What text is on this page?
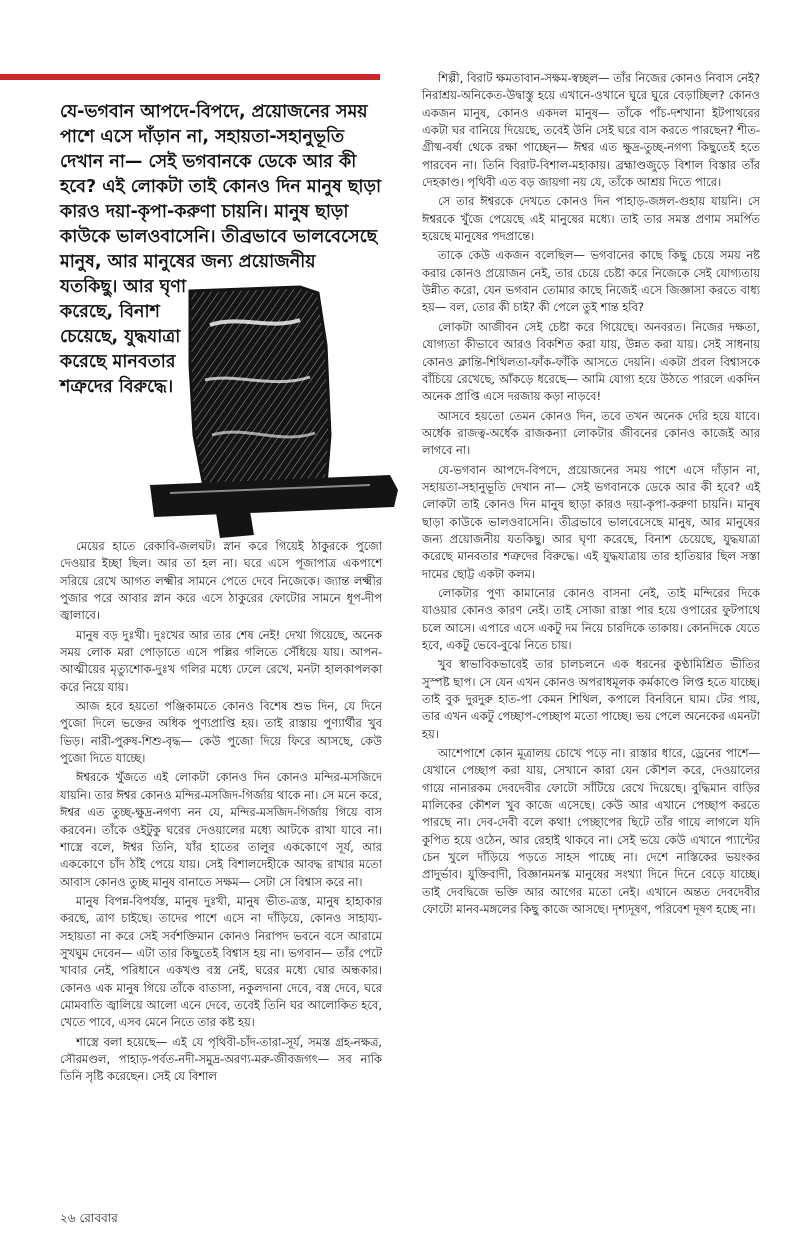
যে-ভগবান আপদে-বিপদে, প্রয়োজনের সময় পাশে এসে দাঁড়ান না, সহায়তা-সহানুভূতি দেখান না— সেই ভগবানকে ডেকে আর কী হবে? এই লোকটা তাই কোনও দিন মানুষ ছাড়া কারও দয়া-কৃপা-করুণা চায়নি। মানুষ ছাড়া কাউকে ভালওবাসেনি। তীব্রভাবে ভালবেসেছে মানুষ, আর মানুষের জন্য প্রয়োজনীয়
যতকিছু। আর ঘৃণা করেছে, বিনাশ চেয়েছে, যুদ্ধযাত্রা করেছে মানবতার শত্রুদের বিরুদ্ধে।

মেয়ের হাতে রেকাবি-জলঘট। স্নান করে গিয়েই ঠাকুরকে পুজো দেওয়ার ইচ্ছা ছিল। আর তা হল না। ঘরে এসে পূজাপাত্র একপাশে সরিয়ে রেখে আগত লক্ষ্মীর সামনে পেতে দেবে নিজেকে। জ্যান্ত লক্ষ্মীর পুজার পরে আবার স্নান করে এসে ঠাকুরের ফোটোর সামনে ধূপ-দীপ জ্বালাবে।

মানুষ বড় দুঃখী। দুঃখের আর তার শেষ নেই! দেখা গিয়েছে, অনেক সময় লোক মরা পোড়াতে এসে পল্লির গলিতে সেঁধিয়ে যায়। আপন-আত্মীয়ের মৃত্যুশোক-দুঃখ গলির মধ্যে ঢেলে রেখে, মনটা হালকাপলকা করে নিয়ে যায়।

আজ হবে হয়তো পঞ্জিকামতে কোনও বিশেষ শুভ দিন, যে দিনে পুজো দিলে ভক্তের অধিক পুণ্যপ্রাপ্তি হয়। তাই রাস্তায় পুণ্যার্থীর খুব ভিড়। নারী-পুরুষ-শিশু-বৃদ্ধ— কেউ পুজো দিয়ে ফিরে আসছে, কেউ পুজো দিতে যাচ্ছে।

ঈশ্বরকে খুঁজতে এই লোকটা কোনও দিন কোনও মন্দির-মসজিদে যায়নি। তার ঈশ্বর কোনও মন্দির-মসজিদ-গির্জায় থাকে না। সে মনে করে, ঈশ্বর এত তুচ্ছ-ক্ষুদ্র-নগণ্য নন যে, মন্দির-মসজিদ-গির্জায় গিয়ে বাস করবেন। তাঁকে ওইটুকু ঘরের দেওয়ালের মধ্যে আটকে রাখা যাবে না। শাস্ত্রে বলে, ঈশ্বর তিনি, যাঁর হাতের তালুর এককোণে সূর্য, আর এককোণে চাঁদ ঠাঁই পেয়ে যায়। সেই বিশালদেহীকে আবদ্ধ রাখার মতো আবাস কোনও তুচ্ছ মানুষ বানাতে সক্ষম— সেটা সে বিশ্বাস করে না।

মানুষ বিপন্ন-বিপর্যস্ত, মানুষ দুঃখী, মানুষ ভীত-ত্রস্ত, মানুষ হাহাকার করছে, ত্রাণ চাইছে। তাদের পাশে এসে না দাঁড়িয়ে, কোনও সাহায্য-সহায়তা না করে সেই সর্বশক্তিমান কোনও নিরাপদ ভবনে বসে আরামে সুখঘুম দেবেন— এটা তার কিছুতেই বিশ্বাস হয় না। ভগবান— তাঁর পেটে খাবার নেই, পরিধানে একখণ্ড বস্ত্র নেই, ঘরের মধ্যে ঘোর অন্ধকার। কোনও এক মানুষ গিয়ে তাঁকে বাতাসা, নকুলদানা দেবে, বস্ত্র দেবে, ঘরে মোমবাতি জ্বালিয়ে আলো এনে দেবে, তবেই তিনি ঘর আলোকিত হবে, খেতে পাবে, এসব মেনে নিতে তার কষ্ট হয়।

শাস্ত্রে বলা হয়েছে— এই যে পৃথিবী-চাঁদ-তারা-সূর্য, সমস্ত গ্রহ-নক্ষত্র, সৌরমণ্ডল, পাহাড়-পর্বত-নদী-সমুদ্র-অরণ্য-মরু-জীবজগৎ— সব নাকি তিনি সৃষ্টি করেছেন। সেই যে বিশাল

শিল্পী, বিরাট ক্ষমতাবান-সক্ষম-স্বচ্ছল— তাঁর নিজের কোনও নিবাস নেই? নিরাশ্রয়-অনিকেত-উদ্বাস্তু হয়ে এখানে-ওখানে ঘুরে ঘুরে বেড়াচ্ছিল? কোনও একজন মানুষ, কোনও একদল মানুষ— তাঁকে পাঁচ-দশখানা ইটপাথরের একটা ঘর বানিয়ে দিয়েছে, তবেই উনি সেই ঘরে বাস করতে পারছেন? শীত-গ্রীষ্ম-বর্ষা থেকে রক্ষা পাচ্ছেন— ঈশ্বর এত ক্ষুদ্র-তুচ্ছ-নগণ্য কিছুতেই হতে পারবেন না। তিনি বিরাট-বিশাল-মহাকায়। ব্রহ্মাণ্ডজুড়ে বিশাল বিস্তার তাঁর দেহকাণ্ড। পৃথিবী এত বড় জায়গা নয় যে, তাঁকে আশ্রয় দিতে পারে।

সে তার ঈশ্বরকে দেখতে কোনও দিন পাহাড়-জঙ্গল-গুহায় যায়নি। সে ঈশ্বরকে খুঁজে পেয়েছে এই মানুষের মধ্যে। তাই তার সমস্ত প্রণাম সমর্পিত হয়েছে মানুষের পদপ্রান্তে।

তাকে কেউ একজন বলেছিল— ভগবানের কাছে কিছু চেয়ে সময় নষ্ট করার কোনও প্রয়োজন নেই, তার চেয়ে চেষ্টা করে নিজেকে সেই যোগ্যতায় উন্নীত করো, যেন ভগবান তোমার কাছে নিজেই এসে জিজ্ঞাসা করতে বাধ্য হয়— বল, তোর কী চাই? কী পেলে তুই শান্ত হবি?

লোকটা আজীবন সেই চেষ্টা করে গিয়েছে। অনবরত। নিজের দক্ষতা, যোগ্যতা কীভাবে আরও বিকশিত করা যায়, উন্নত করা যায়। সেই সাধনায় কোনও ক্লান্তি-শিথিলতা-ফাঁক-ফাঁকি আসতে দেয়নি। একটা প্রবল বিশ্বাসকে বাঁচিয়ে রেখেছে, আঁকড়ে ধরেছে— আমি যোগ্য হয়ে উঠতে পারলে একদিন অনেক প্রাপ্তি এসে দরজায় কড়া নাড়বে!

আসবে হয়তো তেমন কোনও দিন, তবে তখন অনেক দেরি হয়ে যাবে। অর্ধেক রাজত্ব-অর্ধেক রাজকন্যা লোকটার জীবনের কোনও কাজেই আর লাগবে না।

যে-ভগবান আপদে-বিপদে, প্রয়োজনের সময় পাশে এসে দাঁড়ান না, সহায়তা-সহানুভূতি দেখান না— সেই ভগবানকে ডেকে আর কী হবে? এই লোকটা তাই কোনও দিন মানুষ ছাড়া কারও দয়া-কৃপা-করুণা চায়নি। মানুষ ছাড়া কাউকে ভালওবাসেনি। তীব্রভাবে ভালবেসেছে মানুষ, আর মানুষের জন্য প্রয়োজনীয় যতকিছু। আর ঘৃণা করেছে, বিনাশ চেয়েছে, যুদ্ধযাত্রা করেছে মানবতার শত্রুদের বিরুদ্ধে। এই যুদ্ধযাত্রায় তার হাতিয়ার ছিল সস্তা দামের ছোট্ট একটা কলম।

লোকটার পুণ্য কামানোর কোনও বাসনা নেই, তাই মন্দিরের দিকে যাওয়ার কোনও কারণ নেই। তাই সোজা রাস্তা পার হয়ে ওপারের ফুটপাথে চলে আসে। এপারে এসে একটু দম নিয়ে চারদিকে তাকায়। কোনদিকে যেতে হবে, একটু ভেবে-বুঝে নিতে চায়।

খুব স্বাভাবিকভাবেই তার চালচলনে এক ধরনের কুণ্ঠামিশ্রিত ভীতির সুস্পষ্ট ছাপ। সে যেন এখন কোনও অপরাধমূলক কর্মকাণ্ডে লিপ্ত হতে যাচ্ছে। তাই বুক দুরদুরু হাত-পা কেমন শিথিল, কপালে বিনবিনে ঘাম। টের পায়, তার এখন একটু পেচ্ছাপ-পেচ্ছাপ মতো পাচ্ছে। ভয় পেলে অনেকের এমনটা হয়।

আশেপাশে কোন মূত্রালয় চোখে পড়ে না। রাস্তার ধারে, ড্রেনের পাশে— যেখানে পেচ্ছাপ করা যায়, সেখানে কারা যেন কৌশল করে, দেওয়ালের গায়ে নানারকম দেবদেবীর ফোটো সাঁটিয়ে রেখে দিয়েছে। বুদ্ধিমান বাড়ির মালিকের কৌশল খুব কাজে এসেছে। কেউ আর এখানে পেচ্ছাপ করতে পারছে না। দেব-দেবী বলে কথা! পেচ্ছাপের ছিটে তাঁর গায়ে লাগলে যদি কুপিত হয়ে ওঠেন, আর রেহাই থাকবে না। সেই ভয়ে কেউ এখানে প্যান্টের চেন খুলে দাঁড়িয়ে পড়তে সাহস পাচ্ছে না। দেশে নাস্তিকের ভয়ংকর প্রাদুর্ভাব। যুক্তিবাদী, বিজ্ঞানমনস্ক মানুষের সংখ্যা দিনে দিনে বেড়ে যাচ্ছে। তাই দেবদ্বিজে ভক্তি আর আগের মতো নেই। এখানে অন্তত দেবদেবীর ফোটো মানব-মঙ্গলের কিছু কাজে আসছে। দৃশ্যদূষণ, পরিবেশ দূষণ হচ্ছে না।

২৬ রোববার
